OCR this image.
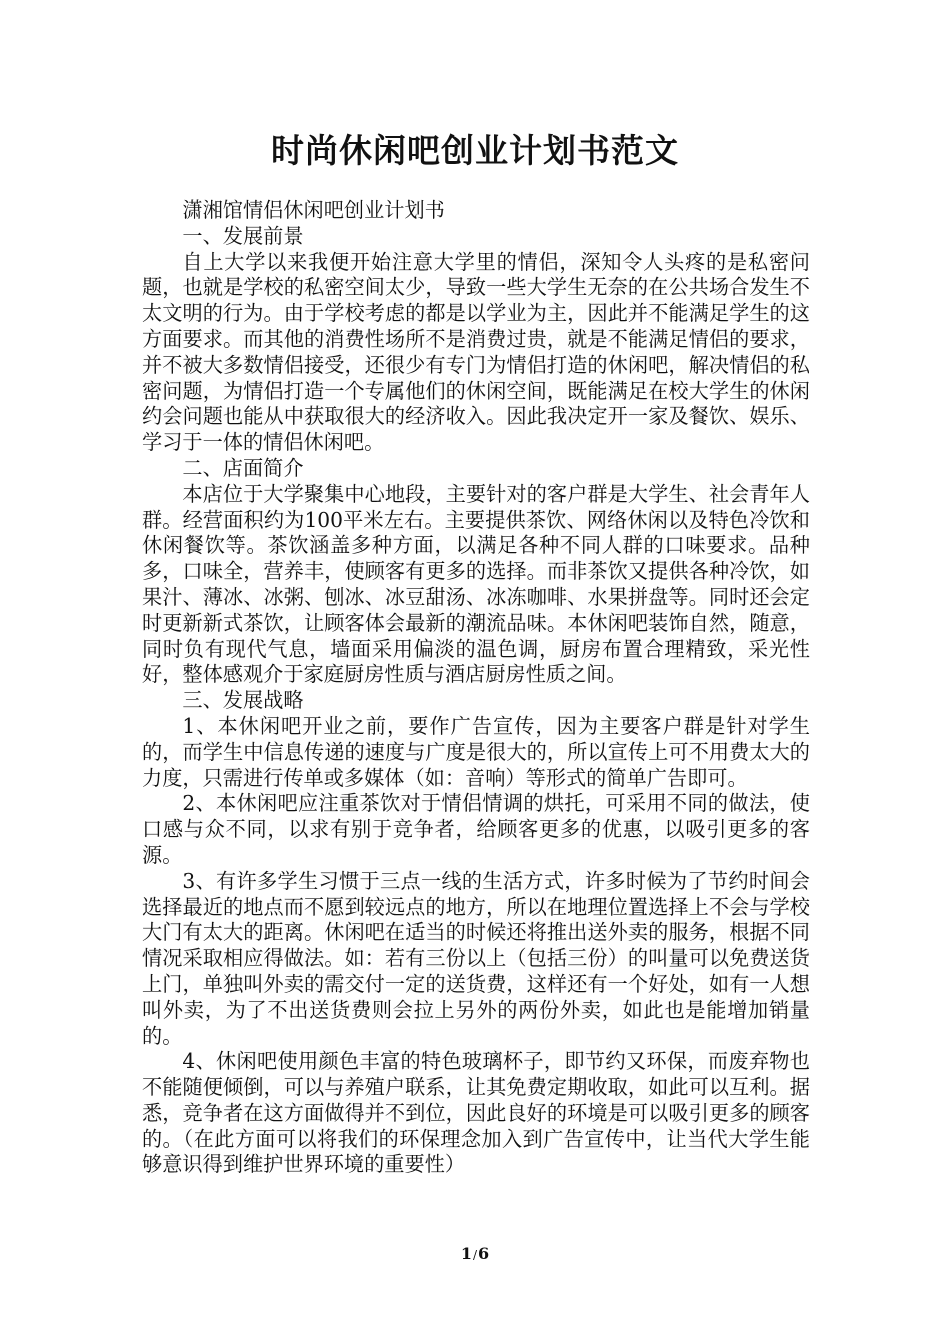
时尚休闲吧创业计划书范文

潇湘馆情侣休闲吧创业计划书

一、发展前景

自上大学以来我便开始注意大学里的情侣，深知令人头疼的是私密问题，也就是学校的私密空间太少，导致一些大学生无奈的在公共场合发生不太文明的行为。由于学校考虑的都是以学业为主，因此并不能满足学生的这方面要求。而其他的消费性场所不是消费过贵，就是不能满足情侣的要求，并不被大多数情侣接受，还很少有专门为情侣打造的休闲吧，解决情侣的私密问题，为情侣打造一个专属他们的休闲空间，既能满足在校大学生的休闲约会问题也能从中获取很大的经济收入。因此我决定开一家及餐饮、娱乐、学习于一体的情侣休闲吧。

二、店面简介

本店位于大学聚集中心地段，主要针对的客户群是大学生、社会青年人群。经营面积约为100平米左右。主要提供茶饮、网络休闲以及特色冷饮和休闲餐饮等。茶饮涵盖多种方面，以满足各种不同人群的口味要求。品种多，口味全，营养丰，使顾客有更多的选择。而非茶饮又提供各种冷饮，如果汁、薄冰、冰粥、刨冰、冰豆甜汤、冰冻咖啡、水果拼盘等。同时还会定时更新新式茶饮，让顾客体会最新的潮流品味。本休闲吧装饰自然，随意，同时负有现代气息，墙面采用偏淡的温色调，厨房布置合理精致，采光性好，整体感观介于家庭厨房性质与酒店厨房性质之间。

三、发展战略

1、本休闲吧开业之前，要作广告宣传，因为主要客户群是针对学生的，而学生中信息传递的速度与广度是很大的，所以宣传上可不用费太大的力度，只需进行传单或多媒体（如：音响）等形式的简单广告即可。

2、本休闲吧应注重茶饮对于情侣情调的烘托，可采用不同的做法，使口感与众不同，以求有别于竞争者，给顾客更多的优惠，以吸引更多的客源。

3、有许多学生习惯于三点一线的生活方式，许多时候为了节约时间会选择最近的地点而不愿到较远点的地方，所以在地理位置选择上不会与学校大门有太大的距离。休闲吧在适当的时候还将推出送外卖的服务，根据不同情况采取相应得做法。如：若有三份以上（包括三份）的叫量可以免费送货上门，单独叫外卖的需交付一定的送货费，这样还有一个好处，如有一人想叫外卖，为了不出送货费则会拉上另外的两份外卖，如此也是能增加销量的。

4、休闲吧使用颜色丰富的特色玻璃杯子，即节约又环保，而废弃物也不能随便倾倒，可以与养殖户联系，让其免费定期收取，如此可以互利。据悉，竞争者在这方面做得并不到位，因此良好的环境是可以吸引更多的顾客的。（在此方面可以将我们的环保理念加入到广告宣传中，让当代大学生能够意识得到维护世界环境的重要性）

1/6
